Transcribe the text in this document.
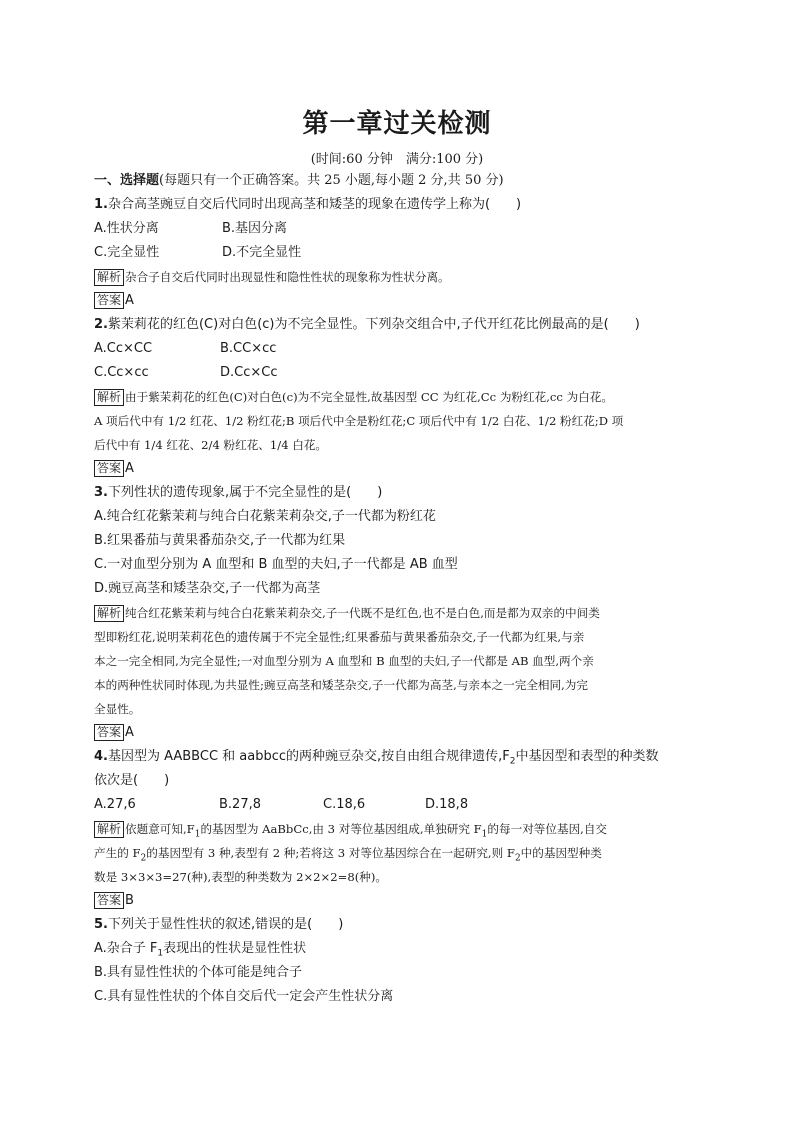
第一章过关检测
(时间:60 分钟　满分:100 分)
一、选择题(每题只有一个正确答案。共 25 小题,每小题 2 分,共 50 分)
1.杂合高茎豌豆自交后代同时出现高茎和矮茎的现象在遗传学上称为(　　)
A.性状分离	B.基因分离
C.完全显性	D.不完全显性
解析 杂合子自交后代同时出现显性和隐性性状的现象称为性状分离。
答案 A
2.紫茉莉花的红色(C)对白色(c)为不完全显性。下列杂交组合中,子代开红花比例最高的是(　　)
A.Cc×CC	B.CC×cc
C.Cc×cc	D.Cc×Cc
解析 由于紫茉莉花的红色(C)对白色(c)为不完全显性,故基因型 CC 为红花,Cc 为粉红花,cc 为白花。
A 项后代中有 1/2 红花、1/2 粉红花;B 项后代中全是粉红花;C 项后代中有 1/2 白花、1/2 粉红花;D 项
后代中有 1/4 红花、2/4 粉红花、1/4 白花。
答案 A
3.下列性状的遗传现象,属于不完全显性的是(　　)
A.纯合红花紫茉莉与纯合白花紫茉莉杂交,子一代都为粉红花
B.红果番茄与黄果番茄杂交,子一代都为红果
C.一对血型分别为 A 血型和 B 血型的夫妇,子一代都是 AB 血型
D.豌豆高茎和矮茎杂交,子一代都为高茎
解析 纯合红花紫茉莉与纯合白花紫茉莉杂交,子一代既不是红色,也不是白色,而是都为双亲的中间类
型即粉红花,说明茉莉花色的遗传属于不完全显性;红果番茄与黄果番茄杂交,子一代都为红果,与亲
本之一完全相同,为完全显性;一对血型分别为 A 血型和 B 血型的夫妇,子一代都是 AB 血型,两个亲
本的两种性状同时体现,为共显性;豌豆高茎和矮茎杂交,子一代都为高茎,与亲本之一完全相同,为完
全显性。
答案 A
4.基因型为 AABBCC 和 aabbcc的两种豌豆杂交,按自由组合规律遗传$,F_2$中基因型和表型的种类数
依次是(　　)
A.27,6	B.27,8	C.18,6	D.18,8
解析 依题意可知$,F_1$的基因型为 AaBbCc,由 3 对等位基因组成,单独研究 $F_1$的每一对等位基因,自交
产生的 $F_2$的基因型有 3 种,表型有 2 种;若将这 3 对等位基因综合在一起研究,则 $F_2$中的基因型种类
数是 3×3×3=27(种),表型的种类数为 2×2×2=8(种)。
答案 B
5.下列关于显性性状的叙述,错误的是(　　)
A.杂合子 $F_1$表现出的性状是显性性状
B.具有显性性状的个体可能是纯合子
C.具有显性性状的个体自交后代一定会产生性状分离
